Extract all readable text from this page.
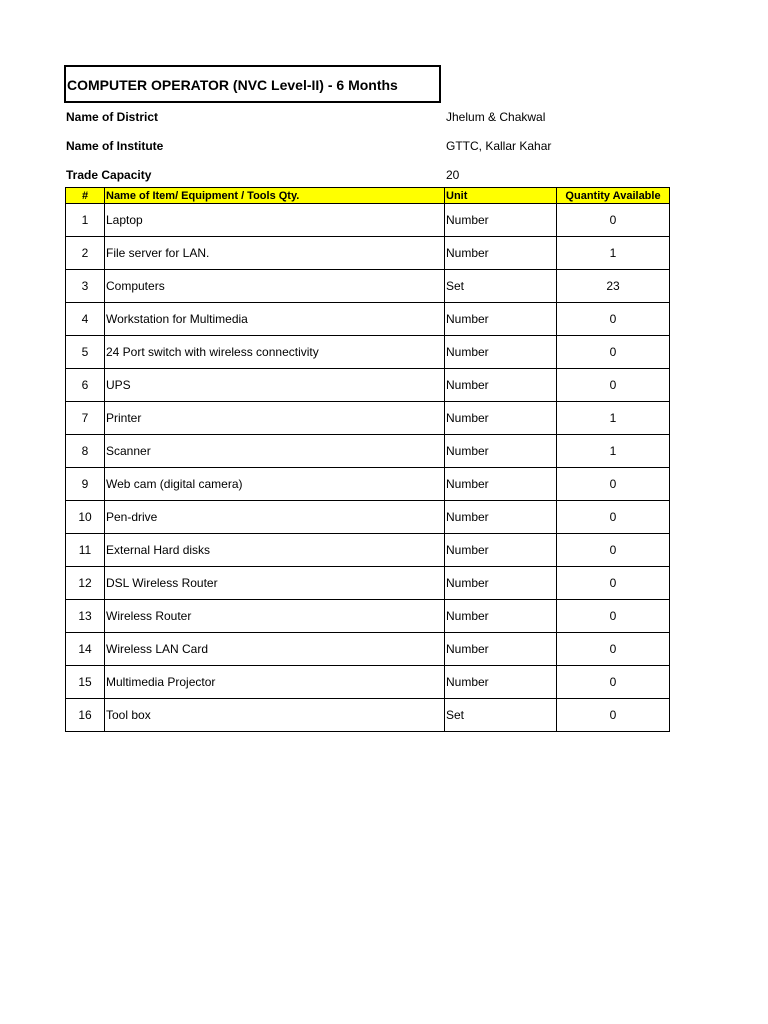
COMPUTER OPERATOR (NVC Level-II) - 6 Months
Name of District	Jhelum & Chakwal
Name of Institute	GTTC, Kallar Kahar
Trade Capacity	20
#	Name of Item/ Equipment / Tools Qty.	Unit	Quantity Available
1	Laptop	Number	0
2	File server for LAN.	Number	1
3	Computers	Set	23
4	Workstation for Multimedia	Number	0
5	24 Port switch with wireless connectivity	Number	0
6	UPS	Number	0
7	Printer	Number	1
8	Scanner	Number	1
9	Web cam (digital camera)	Number	0
10	Pen-drive	Number	0
11	External Hard disks	Number	0
12	DSL Wireless Router	Number	0
13	Wireless Router	Number	0
14	Wireless LAN Card	Number	0
15	Multimedia Projector	Number	0
16	Tool box	Set	0
